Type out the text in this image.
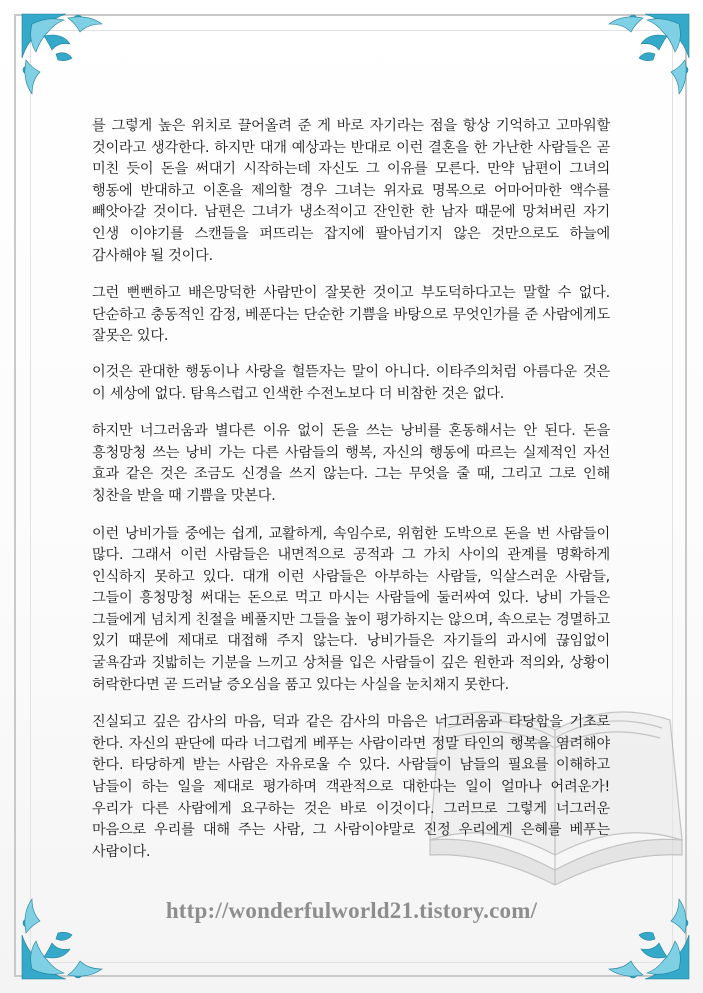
를 그렇게 높은 위치로 끌어올려 준 게 바로 자기라는 점을 항상 기억하고 고마워할 것이라고 생각한다. 하지만 대개 예상과는 반대로 이런 결혼을 한 가난한 사람들은 곧 미친 듯이 돈을 써대기 시작하는데 자신도 그 이유를 모른다. 만약 남편이 그녀의 행동에 반대하고 이혼을 제의할 경우 그녀는 위자료 명목으로 어마어마한 액수를 빼앗아갈 것이다. 남편은 그녀가 냉소적이고 잔인한 한 남자 때문에 망쳐버린 자기 인생 이야기를 스캔들을 퍼뜨리는 잡지에 팔아넘기지 않은 것만으로도 하늘에 감사해야 될 것이다.

그런 뻔뻔하고 배은망덕한 사람만이 잘못한 것이고 부도덕하다고는 말할 수 없다. 단순하고 충동적인 감정, 베푼다는 단순한 기쁨을 바탕으로 무엇인가를 준 사람에게도 잘못은 있다.

이것은 관대한 행동이나 사랑을 헐뜯자는 말이 아니다. 이타주의처럼 아름다운 것은 이 세상에 없다. 탐욕스럽고 인색한 수전노보다 더 비참한 것은 없다.

하지만 너그러움과 별다른 이유 없이 돈을 쓰는 낭비를 혼동해서는 안 된다. 돈을 흥청망청 쓰는 낭비 가는 다른 사람들의 행복, 자신의 행동에 따르는 실제적인 자선 효과 같은 것은 조금도 신경을 쓰지 않는다. 그는 무엇을 줄 때, 그리고 그로 인해 칭찬을 받을 때 기쁨을 맛본다.

이런 낭비가들 중에는 쉽게, 교활하게, 속임수로, 위험한 도박으로 돈을 번 사람들이 많다. 그래서 이런 사람들은 내면적으로 공적과 그 가치 사이의 관계를 명확하게 인식하지 못하고 있다. 대개 이런 사람들은 아부하는 사람들, 익살스러운 사람들, 그들이 흥청망청 써대는 돈으로 먹고 마시는 사람들에 둘러싸여 있다. 낭비 가들은 그들에게 넘치게 친절을 베풀지만 그들을 높이 평가하지는 않으며, 속으로는 경멸하고 있기 때문에 제대로 대접해 주지 않는다. 낭비가들은 자기들의 과시에 끊임없이 굴욕감과 짓밟히는 기분을 느끼고 상처를 입은 사람들이 깊은 원한과 적의와, 상황이 허락한다면 곧 드러날 증오심을 품고 있다는 사실을 눈치채지 못한다.

진실되고 깊은 감사의 마음, 덕과 같은 감사의 마음은 너그러움과 타당함을 기초로 한다. 자신의 판단에 따라 너그럽게 베푸는 사람이라면 정말 타인의 행복을 염려해야 한다. 타당하게 받는 사람은 자유로울 수 있다. 사람들이 남들의 필요를 이해하고 남들이 하는 일을 제대로 평가하며 객관적으로 대한다는 일이 얼마나 어려운가! 우리가 다른 사람에게 요구하는 것은 바로 이것이다. 그러므로 그렇게 너그러운 마음으로 우리를 대해 주는 사람, 그 사람이야말로 진정 우리에게 은혜를 베푸는 사람이다.

http://wonderfulworld21.tistory.com/
